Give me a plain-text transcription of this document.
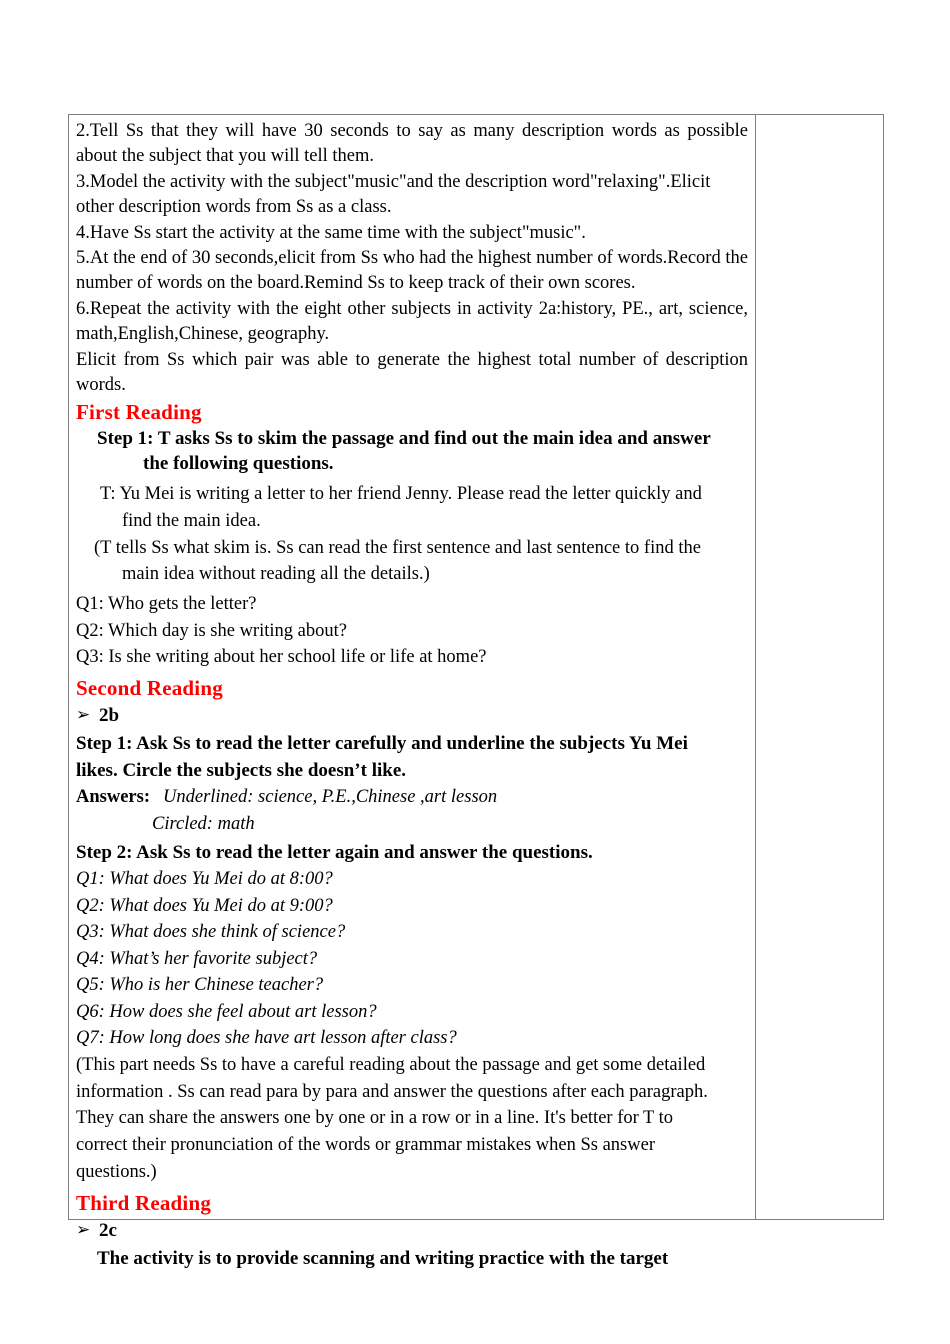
2.Tell Ss that they will have 30 seconds to say as many description words as possible about the subject that you will tell them.

3.Model the activity with the subject"music"and the description word"relaxing".Elicit other description words from Ss as a class.

4.Have Ss start the activity at the same time with the subject"music".

5.At the end of 30 seconds,elicit from Ss who had the highest number of words.Record the number of words on the board.Remind Ss to keep track of their own scores.

6.Repeat the activity with the eight other subjects in activity 2a:history, PE., art, science, math,English,Chinese, geography.

Elicit from Ss which pair was able to generate the highest total number of description words.

First Reading

Step 1: T asks Ss to skim the passage and find out the main idea and answer

the following questions.

T: Yu Mei is writing a letter to her friend Jenny. Please read the letter quickly and

find the main idea.

(T tells Ss what skim is. Ss can read the first sentence and last sentence to find the

main idea without reading all the details.)

Q1: Who gets the letter?

Q2: Which day is she writing about?

Q3: Is she writing about her school life or life at home?

Second Reading

➢ 2b

Step 1: Ask Ss to read the letter carefully and underline the subjects Yu Mei

likes. Circle the subjects she doesn’t like.

Answers: Underlined: science, P.E.,Chinese ,art lesson

Circled: math

Step 2: Ask Ss to read the letter again and answer the questions.

Q1: What does Yu Mei do at 8:00?

Q2: What does Yu Mei do at 9:00?

Q3: What does she think of science?

Q4: What’s her favorite subject?

Q5: Who is her Chinese teacher?

Q6: How does she feel about art lesson?

Q7: How long does she have art lesson after class?

(This part needs Ss to have a careful reading about the passage and get some detailed

information . Ss can read para by para and answer the questions after each paragraph.

They can share the answers one by one or in a row or in a line. It's better for T to

correct their pronunciation of the words or grammar mistakes when Ss answer

questions.)

Third Reading

➢ 2c

The activity is to provide scanning and writing practice with the target
